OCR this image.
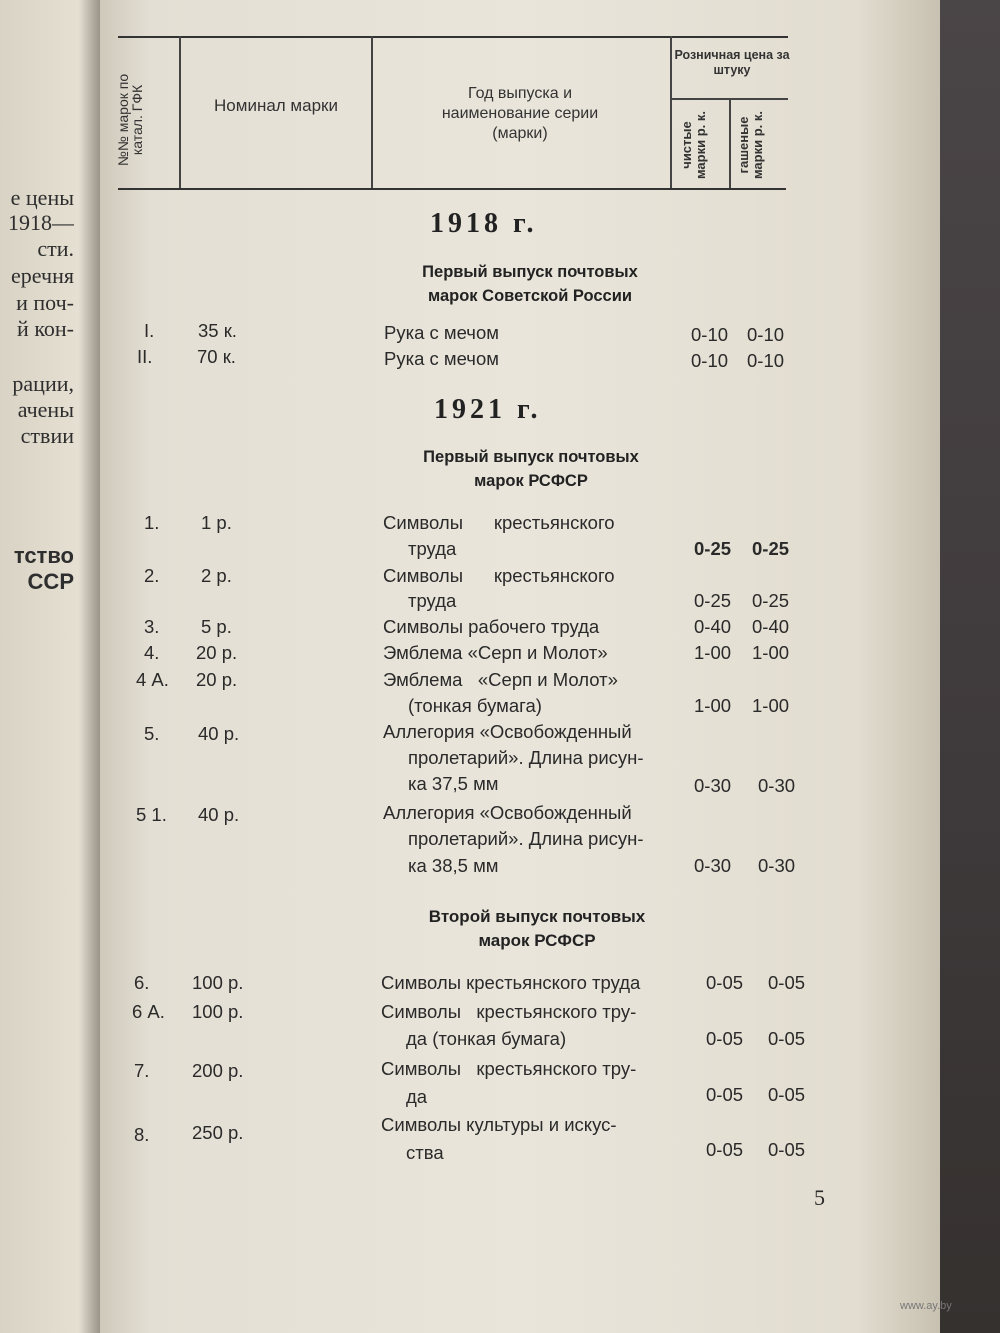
е цены
1918—
сти.
еречня
и поч-
й кон-
рации,
ачены
ствии
тство
ССР
№№ марок по катал. ГФК	Номинал марки
Год выпуска и наименование серии (марки)
Розничная цена за штуку
чистые марки р. к.	гашеные марки р. к.
1918 г.
Первый выпуск почтовых
марок Советской России
I. 35 к.	Рука с мечом	0-10 0-10
II. 70 к.	Рука с мечом	0-10 0-10
1921 г.
Первый выпуск почтовых
марок РСФСР
1. 1 р.	Символы      крестьянского
труда	0-25 0-25
2. 2 р.	Символы      крестьянского
труда	0-25 0-25
3. 5 р.	Символы рабочего труда	0-40 0-40
4. 20 р.	Эмблема «Серп и Молот»	1-00 1-00
4 А. 20 р.	Эмблема   «Серп и Молот»
(тонкая бумага)	1-00 1-00
5. 40 р.	Аллегория «Освобожденный
пролетарий». Длина рисун-
ка 37,5 мм	0-30 0-30
5 1. 40 р.	Аллегория «Освобожденный
пролетарий». Длина рисун-
ка 38,5 мм	0-30 0-30
Второй выпуск почтовых
марок РСФСР
6. 100 р.	Символы крестьянского труда	0-05 0-05
6 А. 100 р.	Символы   крестьянского тру-
да (тонкая бумага)	0-05 0-05
7. 200 р.	Символы   крестьянского тру-
да	0-05 0-05
8. 250 р.	Символы культуры и искус-
ства	0-05 0-05
5
www.ay.by
